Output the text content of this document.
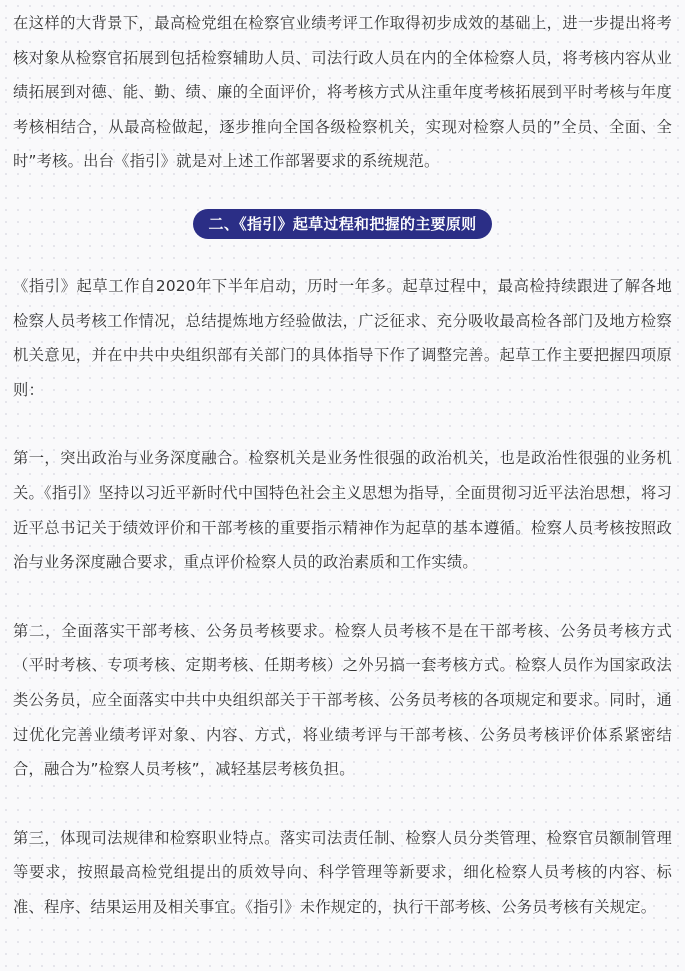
在这样的大背景下，最高检党组在检察官业绩考评工作取得初步成效的基础上，进一步提出将考核对象从检察官拓展到包括检察辅助人员、司法行政人员在内的全体检察人员，将考核内容从业绩拓展到对德、能、勤、绩、廉的全面评价，将考核方式从注重年度考核拓展到平时考核与年度考核相结合，从最高检做起，逐步推向全国各级检察机关，实现对检察人员的”全员、全面、全时”考核。出台《指引》就是对上述工作部署要求的系统规范。

二、《指引》起草过程和把握的主要原则

《指引》起草工作自2020年下半年启动，历时一年多。起草过程中，最高检持续跟进了解各地检察人员考核工作情况，总结提炼地方经验做法，广泛征求、充分吸收最高检各部门及地方检察机关意见，并在中共中央组织部有关部门的具体指导下作了调整完善。起草工作主要把握四项原则：

第一，突出政治与业务深度融合。检察机关是业务性很强的政治机关，也是政治性很强的业务机关。《指引》坚持以习近平新时代中国特色社会主义思想为指导，全面贯彻习近平法治思想，将习近平总书记关于绩效评价和干部考核的重要指示精神作为起草的基本遵循。检察人员考核按照政治与业务深度融合要求，重点评价检察人员的政治素质和工作实绩。

第二，全面落实干部考核、公务员考核要求。检察人员考核不是在干部考核、公务员考核方式（平时考核、专项考核、定期考核、任期考核）之外另搞一套考核方式。检察人员作为国家政法类公务员，应全面落实中共中央组织部关于干部考核、公务员考核的各项规定和要求。同时，通过优化完善业绩考评对象、内容、方式，将业绩考评与干部考核、公务员考核评价体系紧密结合，融合为”检察人员考核”，减轻基层考核负担。

第三，体现司法规律和检察职业特点。落实司法责任制、检察人员分类管理、检察官员额制管理等要求，按照最高检党组提出的质效导向、科学管理等新要求，细化检察人员考核的内容、标准、程序、结果运用及相关事宜。《指引》未作规定的，执行干部考核、公务员考核有关规定。
